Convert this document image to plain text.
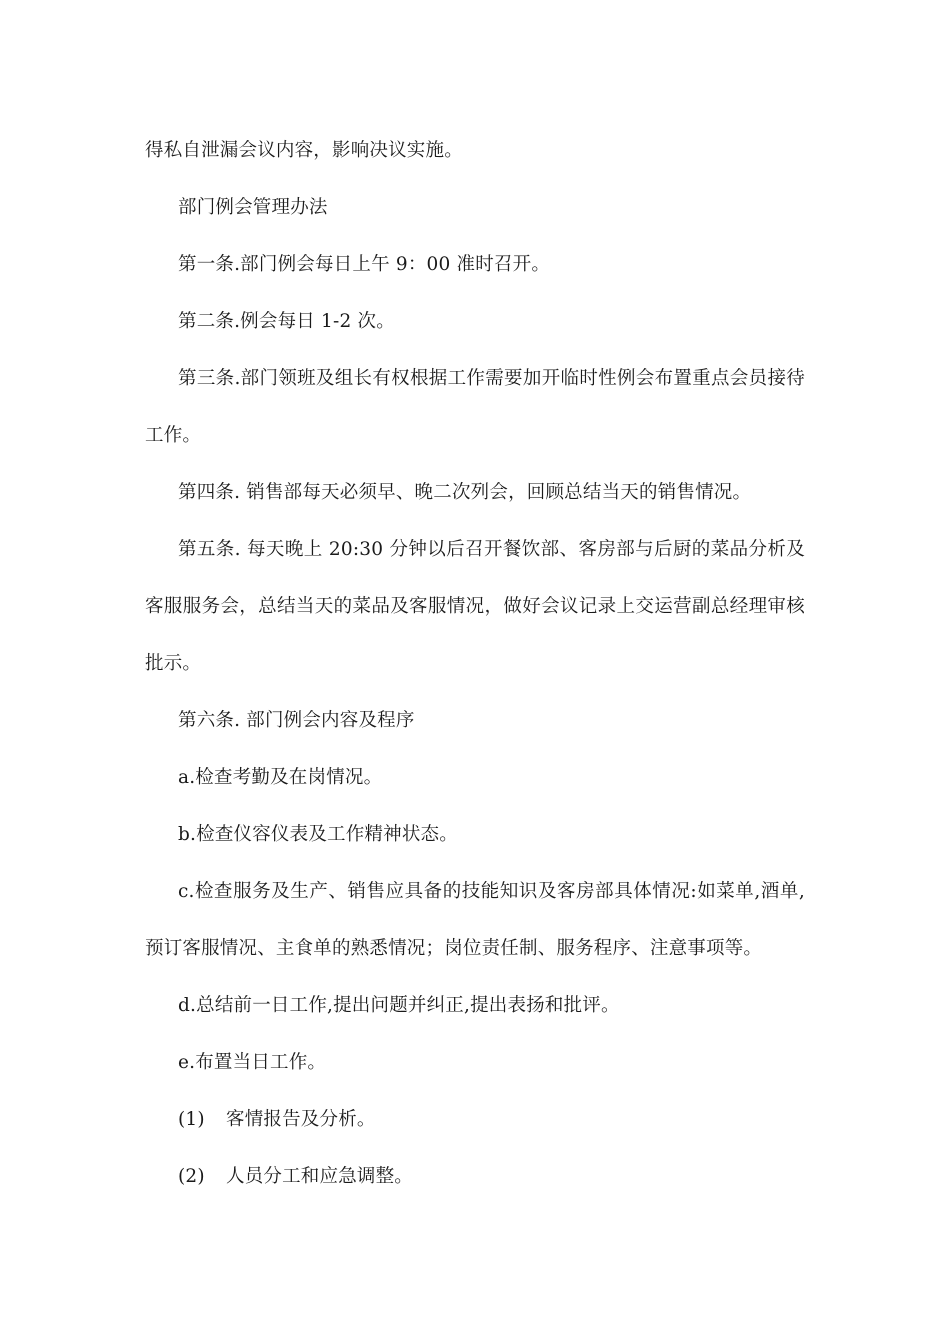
得私自泄漏会议内容，影响决议实施。

部门例会管理办法

第一条.部门例会每日上午 9：00 准时召开。

第二条.例会每日 1-2 次。

第三条.部门领班及组长有权根据工作需要加开临时性例会布置重点会员接待工作。

第四条. 销售部每天必须早、晚二次列会，回顾总结当天的销售情况。

第五条. 每天晚上 20:30 分钟以后召开餐饮部、客房部与后厨的菜品分析及客服服务会，总结当天的菜品及客服情况，做好会议记录上交运营副总经理审核批示。

第六条. 部门例会内容及程序

a.检查考勤及在岗情况。

b.检查仪容仪表及工作精神状态。

c.检查服务及生产、销售应具备的技能知识及客房部具体情况:如菜单,酒单,预订客服情况、主食单的熟悉情况；岗位责任制、服务程序、注意事项等。

d.总结前一日工作,提出问题并纠正,提出表扬和批评。

e.布置当日工作。

(1) 客情报告及分析。

(2) 人员分工和应急调整。
